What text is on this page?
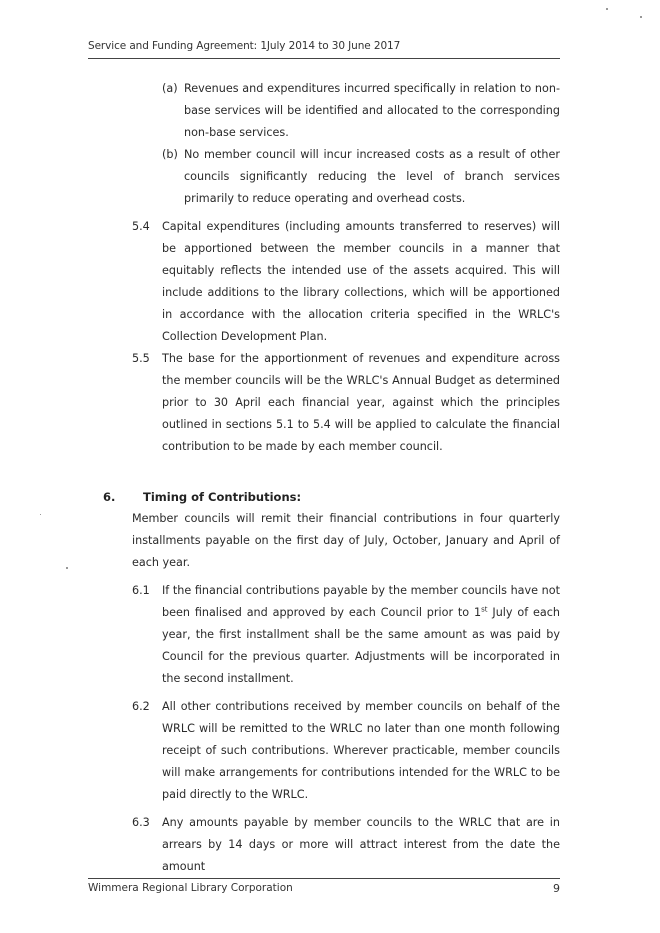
Service and Funding Agreement: 1July 2014 to 30 June 2017
(a) Revenues and expenditures incurred specifically in relation to non-base services will be identified and allocated to the corresponding non-base services.
(b) No member council will incur increased costs as a result of other councils significantly reducing the level of branch services primarily to reduce operating and overhead costs.
5.4 Capital expenditures (including amounts transferred to reserves) will be apportioned between the member councils in a manner that equitably reflects the intended use of the assets acquired. This will include additions to the library collections, which will be apportioned in accordance with the allocation criteria specified in the WRLC's Collection Development Plan.
5.5 The base for the apportionment of revenues and expenditure across the member councils will be the WRLC's Annual Budget as determined prior to 30 April each financial year, against which the principles outlined in sections 5.1 to 5.4 will be applied to calculate the financial contribution to be made by each member council.
6. Timing of Contributions:
Member councils will remit their financial contributions in four quarterly installments payable on the first day of July, October, January and April of each year.
6.1 If the financial contributions payable by the member councils have not been finalised and approved by each Council prior to 1st July of each year, the first installment shall be the same amount as was paid by Council for the previous quarter. Adjustments will be incorporated in the second installment.
6.2 All other contributions received by member councils on behalf of the WRLC will be remitted to the WRLC no later than one month following receipt of such contributions. Wherever practicable, member councils will make arrangements for contributions intended for the WRLC to be paid directly to the WRLC.
6.3 Any amounts payable by member councils to the WRLC that are in arrears by 14 days or more will attract interest from the date the amount
Wimmera Regional Library Corporation	9
